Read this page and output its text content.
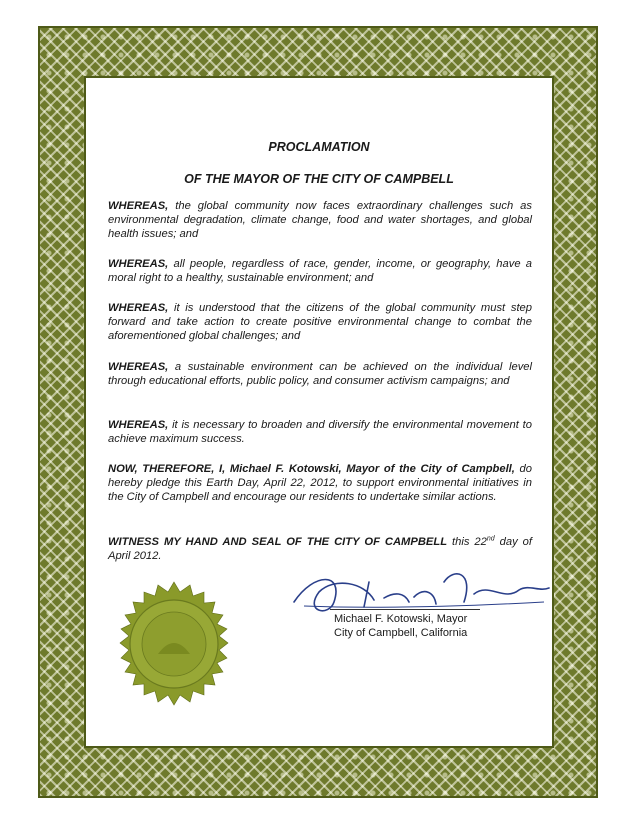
PROCLAMATION
OF THE MAYOR OF THE CITY OF CAMPBELL
WHEREAS, the global community now faces extraordinary challenges such as environmental degradation, climate change, food and water shortages, and global health issues; and
WHEREAS, all people, regardless of race, gender, income, or geography, have a moral right to a healthy, sustainable environment; and
WHEREAS, it is understood that the citizens of the global community must step forward and take action to create positive environmental change to combat the aforementioned global challenges; and
WHEREAS, a sustainable environment can be achieved on the individual level through educational efforts, public policy, and consumer activism campaigns; and
WHEREAS, it is necessary to broaden and diversify the environmental movement to achieve maximum success.
NOW, THEREFORE, I, Michael F. Kotowski, Mayor of the City of Campbell, do hereby pledge this Earth Day, April 22, 2012, to support environmental initiatives in the City of Campbell and encourage our residents to undertake similar actions.
WITNESS MY HAND AND SEAL OF THE CITY OF CAMPBELL this 22nd day of April 2012.
Michael F. Kotowski, Mayor
City of Campbell, California
